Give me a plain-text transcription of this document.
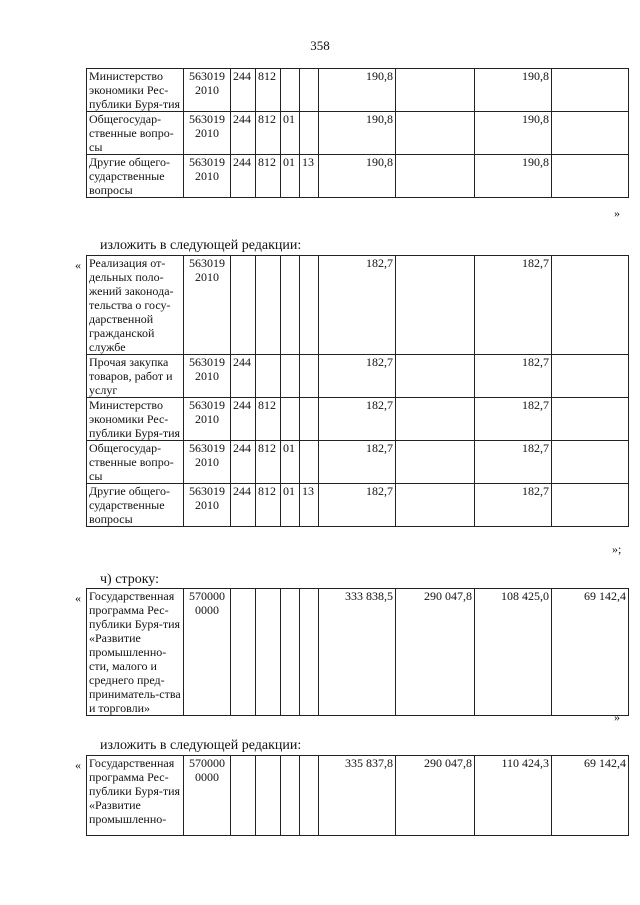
358
Министерство экономики Рес-публики Буря-тия	563019 2010	244	812			190,8		190,8	
Общегосудар-ственные вопро-сы	563019 2010	244	812	01		190,8		190,8	
Другие общего-сударственные вопросы	563019 2010	244	812	01	13	190,8		190,8	
»
изложить в следующей редакции:
« Реализация от-дельных поло-жений законода-тельства о госу-дарственной гражданской службе	563019 2010					182,7		182,7	
Прочая закупка товаров, работ и услуг	563019 2010	244				182,7		182,7	
Министерство экономики Рес-публики Буря-тия	563019 2010	244	812			182,7		182,7	
Общегосудар-ственные вопро-сы	563019 2010	244	812	01		182,7		182,7	
Другие общего-сударственные вопросы	563019 2010	244	812	01	13	182,7		182,7	
»;
ч) строку:
« Государственная программа Рес-публики Буря-тия «Развитие промышленно-сти, малого и среднего пред-приниматель-ства и торговли»	570000 0000					333 838,5	290 047,8	108 425,0	69 142,4
»
изложить в следующей редакции:
« Государственная программа Рес-публики Буря-тия «Развитие промышленно-	570000 0000					335 837,8	290 047,8	110 424,3	69 142,4
